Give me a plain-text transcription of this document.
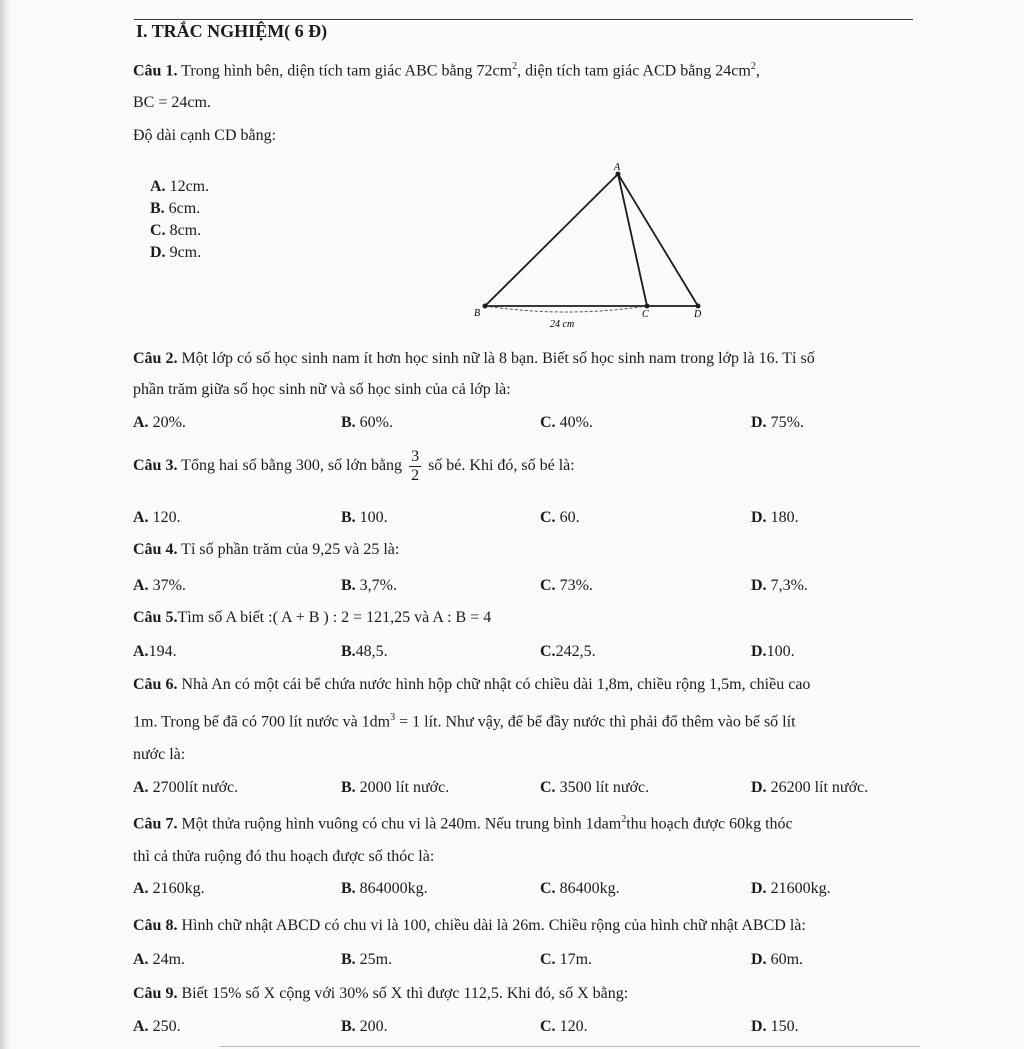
I. TRẮC NGHIỆM( 6 Đ)
Câu 1. Trong hình bên, diện tích tam giác ABC bằng $72cm^2$, diện tích tam giác ACD bằng $24cm^2$,
BC = 24cm.
Độ dài cạnh CD bằng:
A. 12cm.
B. 6cm.
C. 8cm.
D. 9cm.
A
B	C	D
24 cm
Câu 2. Một lớp có số học sinh nam ít hơn học sinh nữ là 8 bạn. Biết số học sinh nam trong lớp là 16. Tỉ số
phần trăm giữa số học sinh nữ và số học sinh của cả lớp là:
A. 20%.	B. 60%.	C. 40%.	D. 75%.
Câu 3. Tổng hai số bằng 300, số lớn bằng $\frac{3}{2}$ số bé. Khi đó, số bé là:
A. 120.	B. 100.	C. 60.	D. 180.
Câu 4. Tỉ số phần trăm của 9,25 và 25 là:
A. 37%.	B. 3,7%.	C. 73%.	D. 7,3%.
Câu 5.Tìm số A biết :( A + B ) : 2 = 121,25 và A : B = 4
A.194.	B.48,5.	C.242,5.	D.100.
Câu 6. Nhà An có một cái bể chứa nước hình hộp chữ nhật có chiều dài 1,8m, chiều rộng 1,5m, chiều cao
1m. Trong bể đã có 700 lít nước và $1dm^3 = 1$ lít. Như vậy, để bể đầy nước thì phải đổ thêm vào bể số lít
nước là:
A. 2700lít nước.	B. 2000 lít nước.	C. 3500 lít nước.	D. 26200 lít nước.
Câu 7. Một thửa ruộng hình vuông có chu vi là 240m. Nếu trung bình 1dam$^2$thu hoạch được 60kg thóc
thì cả thửa ruộng đó thu hoạch được số thóc là:
A. 2160kg.	B. 864000kg.	C. 86400kg.	D. 21600kg.
Câu 8. Hình chữ nhật ABCD có chu vi là 100, chiều dài là 26m. Chiều rộng của hình chữ nhật ABCD là:
A. 24m.	B. 25m.	C. 17m.	D. 60m.
Câu 9. Biết 15% số X cộng với 30% số X thì được 112,5. Khi đó, số X bằng:
A. 250.	B. 200.	C. 120.	D. 150.
